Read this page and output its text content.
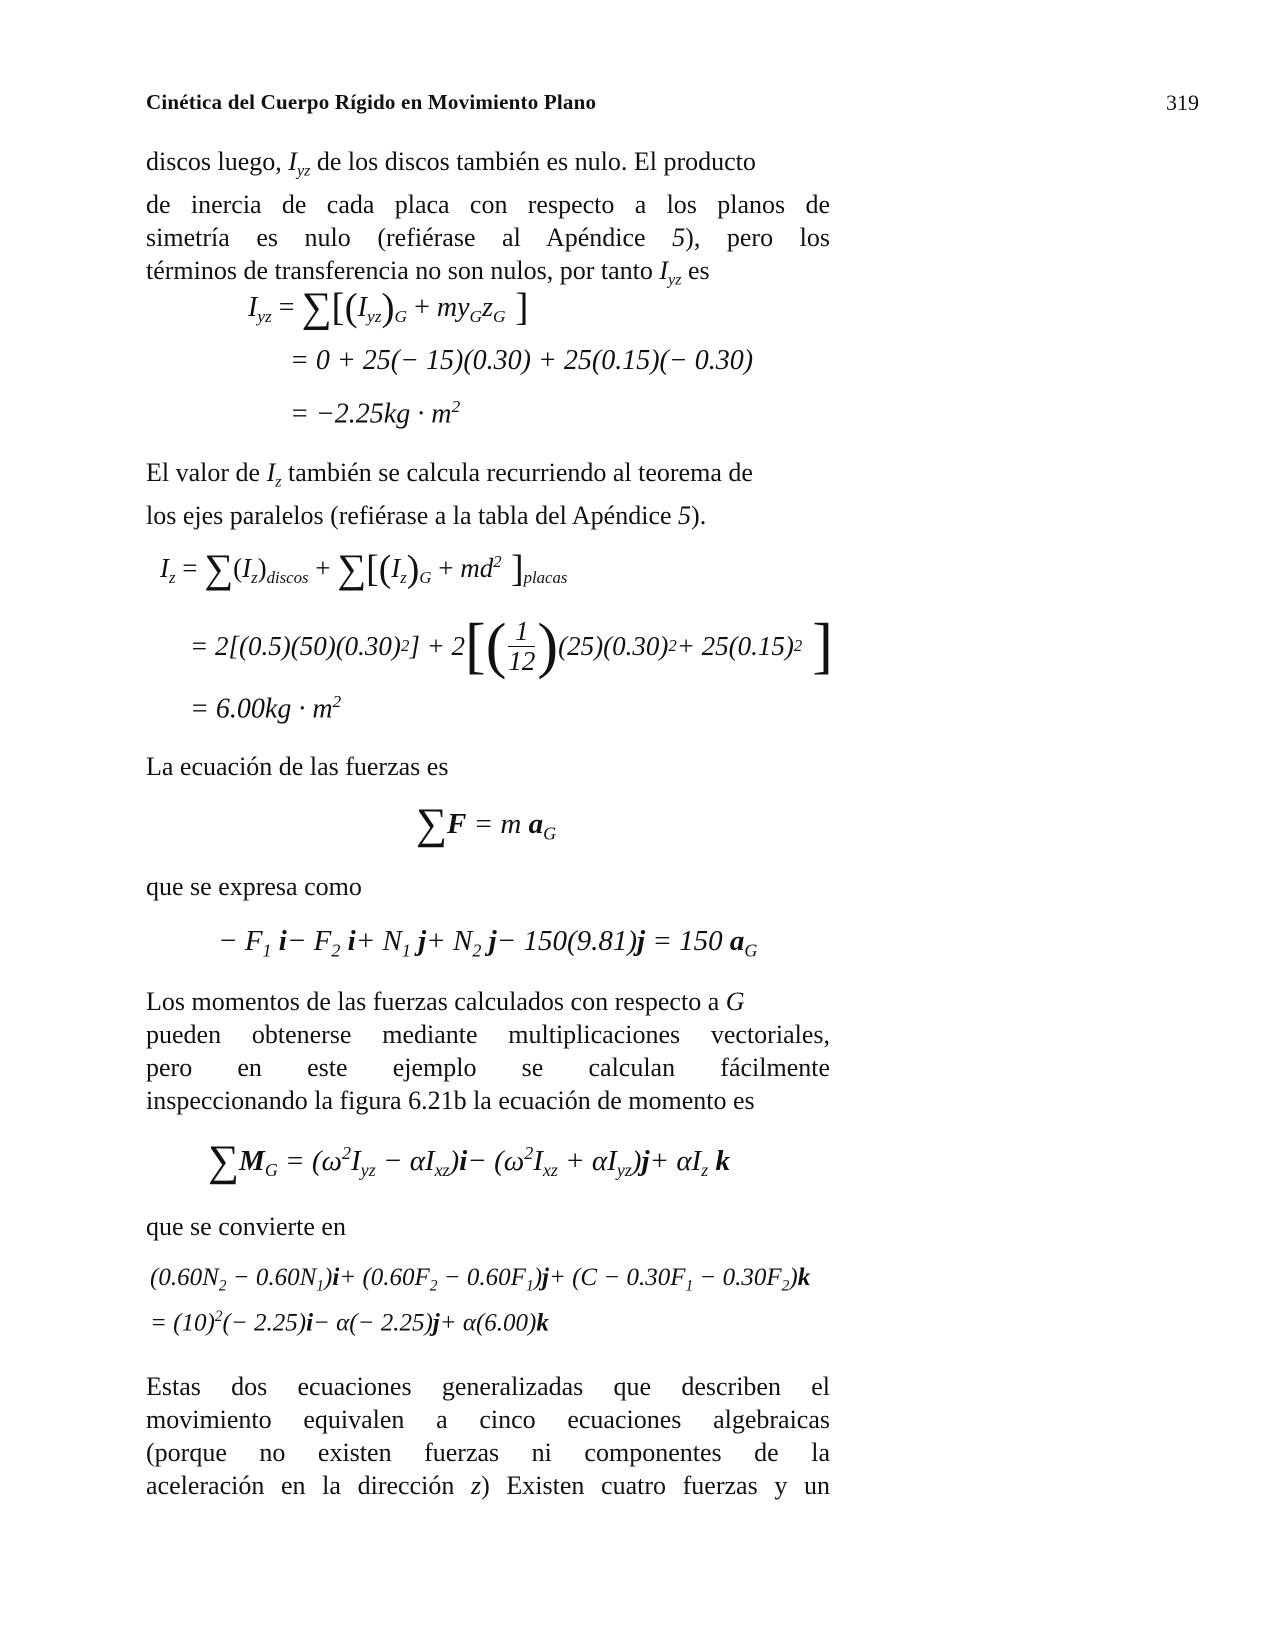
Cinética del Cuerpo Rígido en Movimiento Plano	319
discos luego, $I_{yz}$ de los discos también es nulo. El producto
de inercia de cada placa con respecto a los planos de
simetría es nulo (refiérase al Apéndice 5), pero los
términos de transferencia no son nulos, por tanto $I_{yz}$ es
$I_{yz} = \sum[(I_{yz})_G + my_Gz_G$ ]
= 0 + 25(− 15)(0.30) + 25(0.15)(− 0.30)
= $-2.25kg \cdot m^2$
El valor de $I_z$ también se calcula recurriendo al teorema de
los ejes paralelos (refiérase a la tabla del Apéndice 5).
$I_z = \sum(I_z)_{discos} + \sum[(I_z)_G + md^2$ ]$_{placas}$
= 2[(0.5)(50)(0.30) 2 ] + 2 [ ( $\frac{1}{12}$ ) (25)(0.30) 2 + 25(0.15) 2 ]
= $6.00kg \cdot m^2$
La ecuación de las fuerzas es
∑F = m $a_G$
que se expresa como
− $F_1$ $i- F_2$ $i+ N_1$ $j+ N_2$ j− 150(9.81)j = 150 $a_G$
Los momentos de las fuerzas calculados con respecto a G
pueden obtenerse mediante multiplicaciones vectoriales,
pero en este ejemplo se calculan fácilmente
inspeccionando la figura 6.21b la ecuación de momento es
$\sum M_G = (\omega^2I_{yz} - \alpha I_{xz})i- (\omega^2I_{xz} + \alpha I_{yz})j+ \alpha I_z$ k
que se convierte en
$(0.60N_2 - 0.60N_1)i+ (0.60F_2 - 0.60F_1)j+ (C - 0.30F_1 - 0.30F_2)k$
= $(10)^2(- 2.25)i- \alpha(- 2.25)j+ \alpha(6.00)k$
Estas dos ecuaciones generalizadas que describen el
movimiento equivalen a cinco ecuaciones algebraicas
(porque no existen fuerzas ni componentes de la
aceleración en la dirección z) Existen cuatro fuerzas y un
